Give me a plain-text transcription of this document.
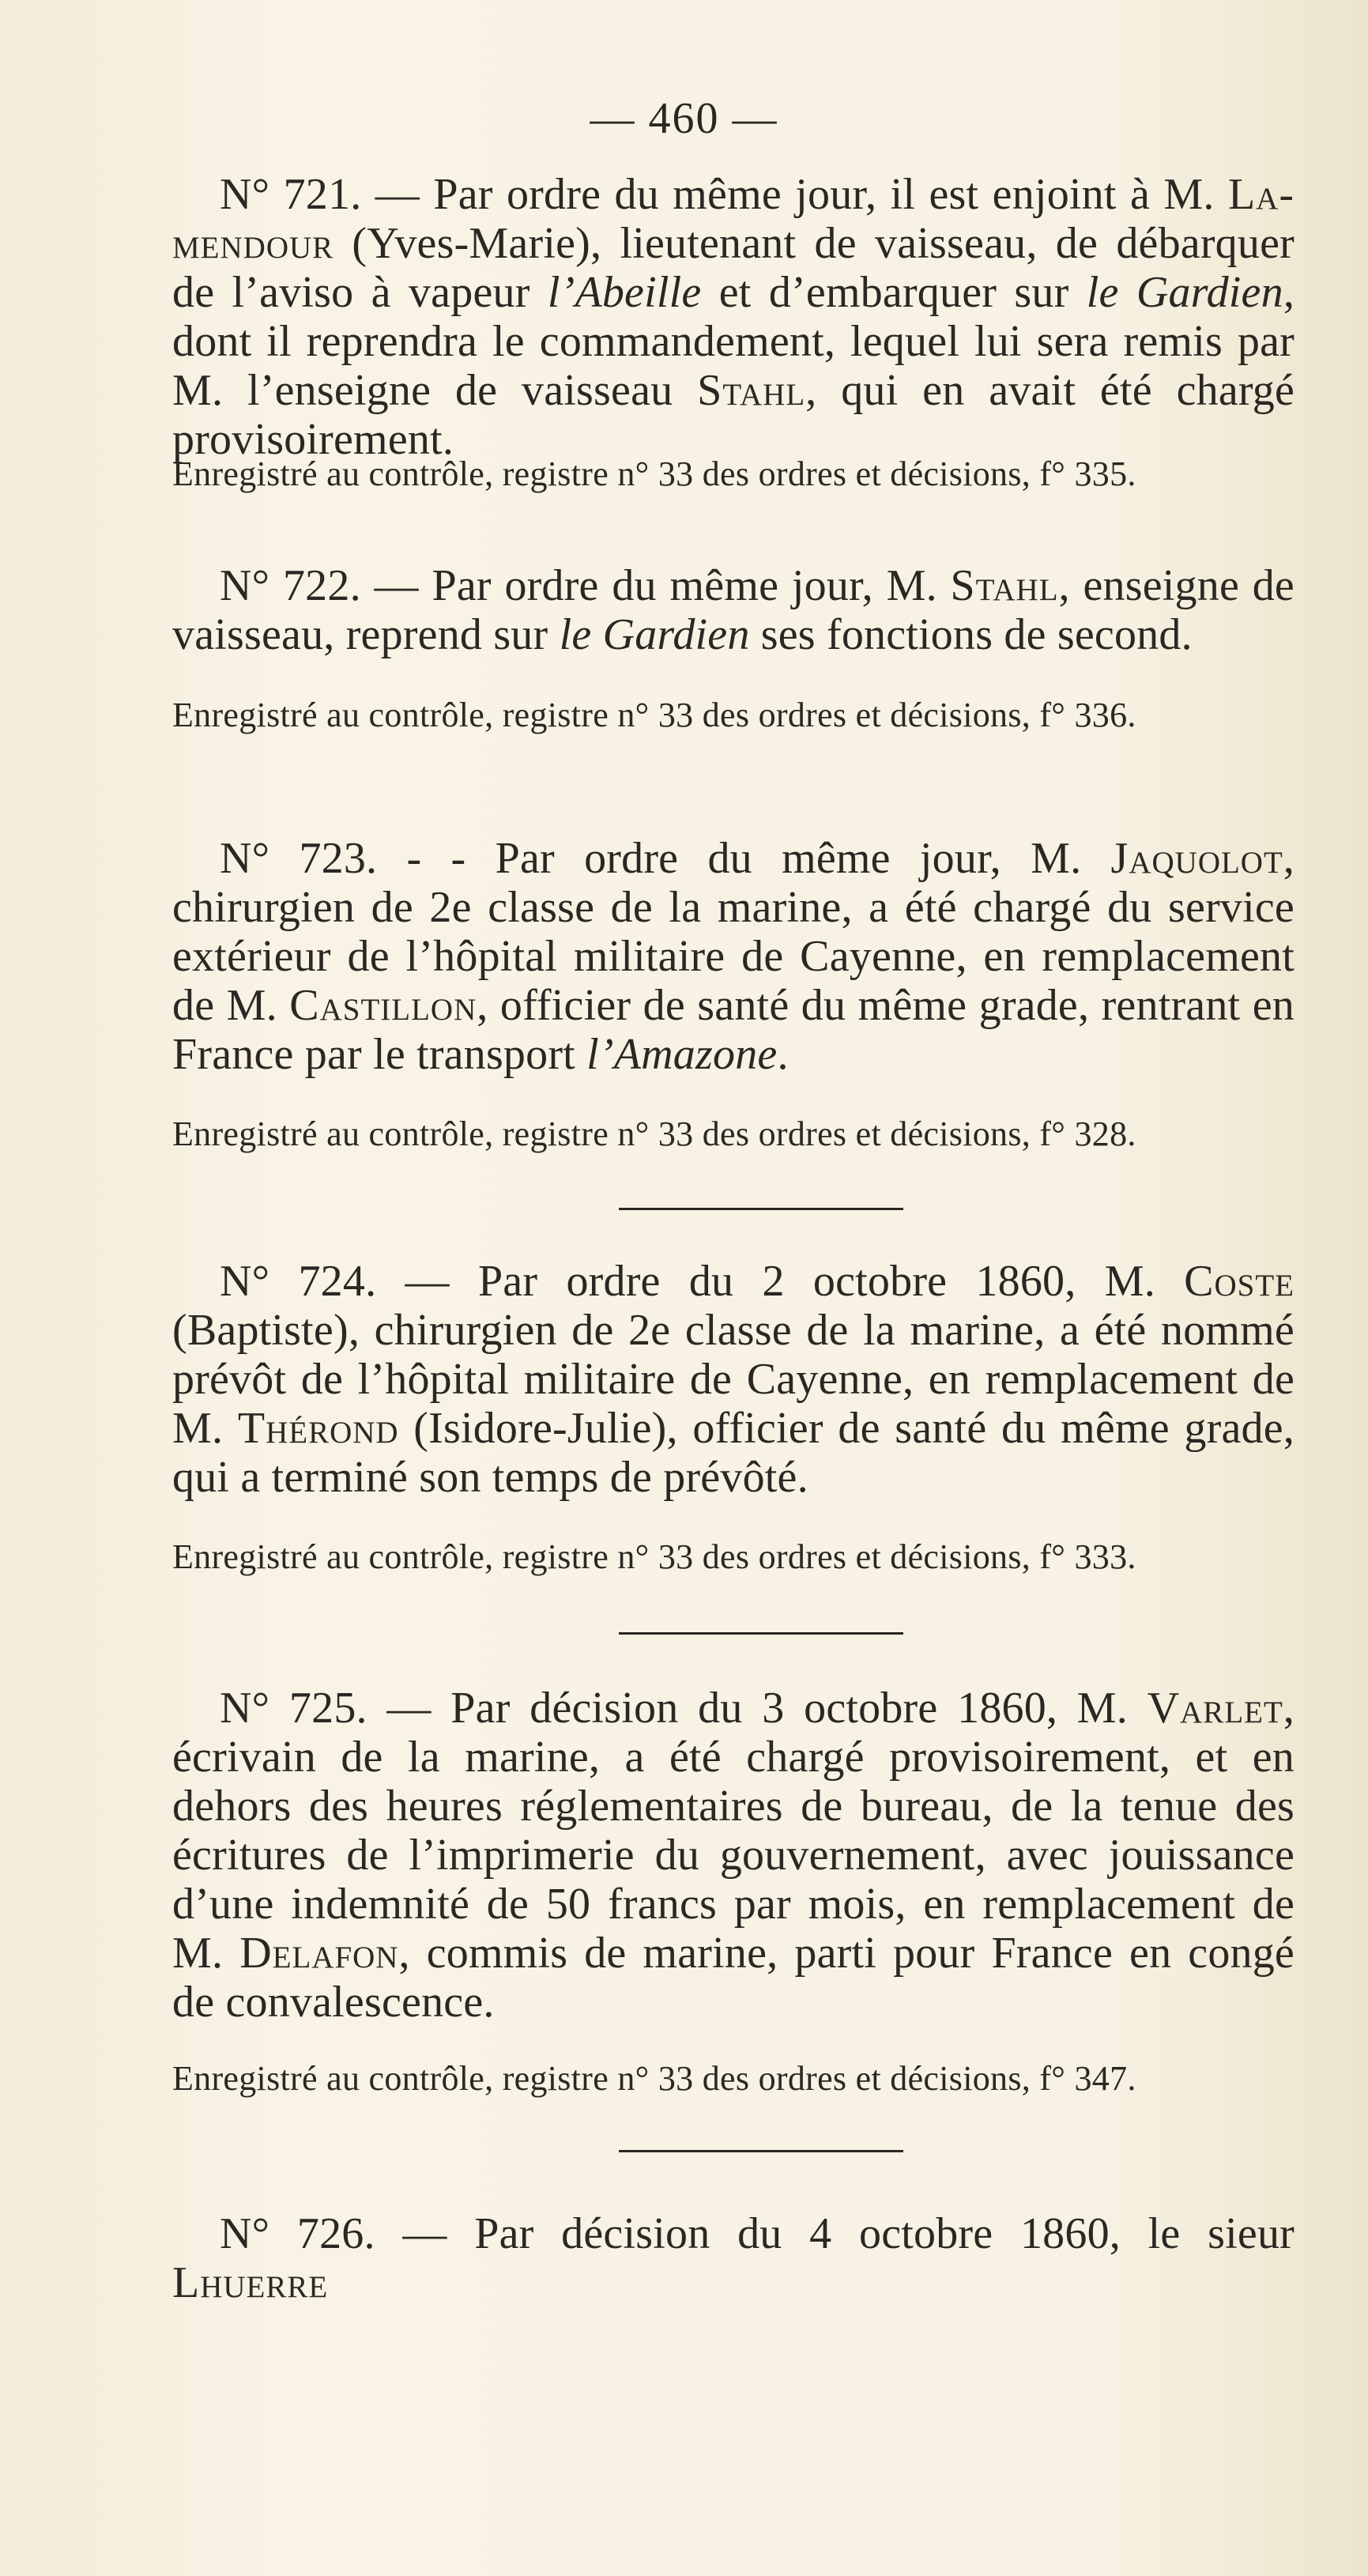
— 460 —

N° 721. — Par ordre du même jour, il est enjoint à M. La-mendour (Yves-Marie), lieutenant de vaisseau, de débarquer de l’aviso à vapeur l’Abeille et d’embarquer sur le Gardien, dont il reprendra le commandement, lequel lui sera remis par M. l’enseigne de vaisseau Stahl, qui en avait été chargé provisoirement.

Enregistré au contrôle, registre n° 33 des ordres et décisions, f° 335.

N° 722. — Par ordre du même jour, M. Stahl, enseigne de vaisseau, reprend sur le Gardien ses fonctions de second.

Enregistré au contrôle, registre n° 33 des ordres et décisions, f° 336.

N° 723. - - Par ordre du même jour, M. Jaquolot, chirurgien de 2e classe de la marine, a été chargé du service extérieur de l’hôpital militaire de Cayenne, en remplacement de M. Castillon, officier de santé du même grade, rentrant en France par le transport l’Amazone.

Enregistré au contrôle, registre n° 33 des ordres et décisions, f° 328.

N° 724. — Par ordre du 2 octobre 1860, M. Coste (Baptiste), chirurgien de 2e classe de la marine, a été nommé prévôt de l’hôpital militaire de Cayenne, en remplacement de M. Thérond (Isidore-Julie), officier de santé du même grade, qui a terminé son temps de prévôté.

Enregistré au contrôle, registre n° 33 des ordres et décisions, f° 333.

N° 725. — Par décision du 3 octobre 1860, M. Varlet, écrivain de la marine, a été chargé provisoirement, et en dehors des heures réglementaires de bureau, de la tenue des écritures de l’imprimerie du gouvernement, avec jouissance d’une indemnité de 50 francs par mois, en remplacement de M. Delafon, commis de marine, parti pour France en congé de convalescence.

Enregistré au contrôle, registre n° 33 des ordres et décisions, f° 347.

N° 726. — Par décision du 4 octobre 1860, le sieur Lhuerre
